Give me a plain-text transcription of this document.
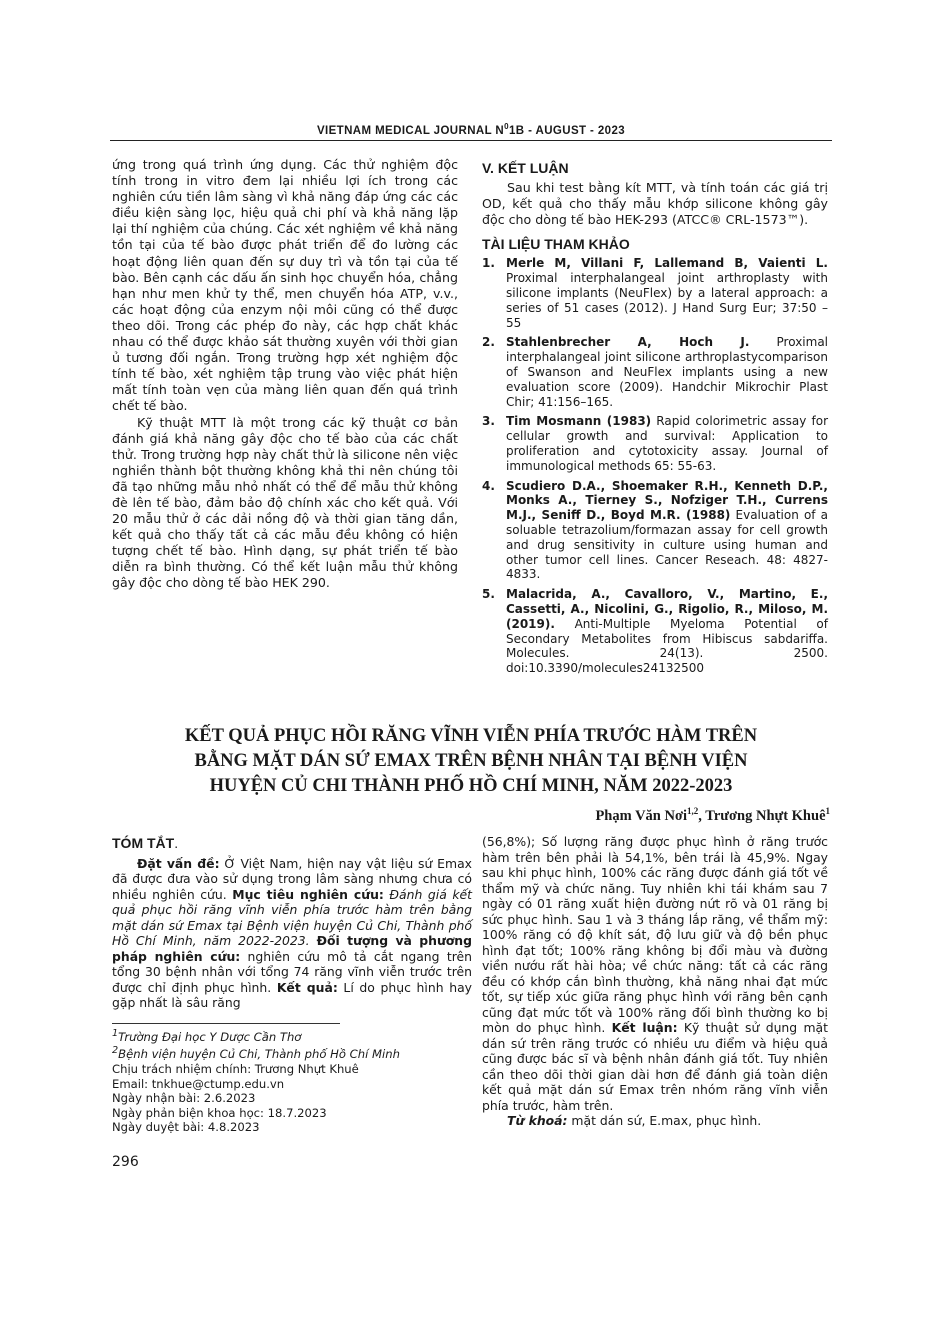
VIETNAM MEDICAL JOURNAL $N^01B$ - AUGUST - 2023

ứng trong quá trình ứng dụng. Các thử nghiệm độc tính trong in vitro đem lại nhiều lợi ích trong các nghiên cứu tiền lâm sàng vì khả năng đáp ứng các các điều kiện sàng lọc, hiệu quả chi phí và khả năng lặp lại thí nghiệm của chúng. Các xét nghiệm về khả năng tồn tại của tế bào được phát triển để đo lường các hoạt động liên quan đến sự duy trì và tồn tại của tế bào. Bên cạnh các dấu ấn sinh học chuyển hóa, chẳng hạn như men khử ty thể, men chuyển hóa ATP, v.v., các hoạt động của enzym nội môi cũng có thể được theo dõi. Trong các phép đo này, các hợp chất khác nhau có thể được khảo sát thường xuyên với thời gian ủ tương đối ngắn. Trong trường hợp xét nghiệm độc tính tế bào, xét nghiệm tập trung vào việc phát hiện mất tính toàn vẹn của màng liên quan đến quá trình chết tế bào.

Kỹ thuật MTT là một trong các kỹ thuật cơ bản đánh giá khả năng gây độc cho tế bào của các chất thử. Trong trường hợp này chất thử là silicone nên việc nghiền thành bột thường không khả thi nên chúng tôi đã tạo những mẫu nhỏ nhất có thể để mẫu thử không đè lên tế bào, đảm bảo độ chính xác cho kết quả. Với 20 mẫu thử ở các dải nồng độ và thời gian tăng dần, kết quả cho thấy tất cả các mẫu đều không có hiện tượng chết tế bào. Hình dạng, sự phát triển tế bào diễn ra bình thường. Có thể kết luận mẫu thử không gây độc cho dòng tế bào HEK 290.

V. KẾT LUẬN

Sau khi test bằng kít MTT, và tính toán các giá trị OD, kết quả cho thấy mẫu khớp silicone không gây độc cho dòng tế bào HEK-293 (ATCC® CRL-1573™).

TÀI LIỆU THAM KHẢO
1. Merle M, Villani F, Lallemand B, Vaienti L. Proximal interphalangeal joint arthroplasty with silicone implants (NeuFlex) by a lateral approach: a series of 51 cases (2012). J Hand Surg Eur; 37:50 – 55
2. Stahlenbrecher A, Hoch J. Proximal interphalangeal joint silicone arthroplastycomparison of Swanson and NeuFlex implants using a new evaluation score (2009). Handchir Mikrochir Plast Chir; 41:156–165.
3. Tim Mosmann (1983) Rapid colorimetric assay for cellular growth and survival: Application to proliferation and cytotoxicity assay. Journal of immunological methods 65: 55-63.
4. Scudiero D.A., Shoemaker R.H., Kenneth D.P., Monks A., Tierney S., Nofziger T.H., Currens M.J., Seniff D., Boyd M.R. (1988) Evaluation of a soluable tetrazolium/formazan assay for cell growth and drug sensitivity in culture using human and other tumor cell lines. Cancer Reseach. 48: 4827-4833.
5. Malacrida, A., Cavalloro, V., Martino, E., Cassetti, A., Nicolini, G., Rigolio, R., Miloso, M. (2019). Anti-Multiple Myeloma Potential of Secondary Metabolites from Hibiscus sabdariffa. Molecules. 24(13). 2500. doi:10.3390/molecules24132500
KẾT QUẢ PHỤC HỒI RĂNG VĨNH VIỄN PHÍA TRƯỚC HÀM TRÊN
BẰNG MẶT DÁN SỨ EMAX TRÊN BỆNH NHÂN TẠI BỆNH VIỆN
HUYỆN CỦ CHI THÀNH PHỐ HỒ CHÍ MINH, NĂM 2022-2023
Phạm Văn Nơi$^{1,2}$, Trương Nhựt Khuê$^1$
TÓM TẮT.

Đặt vấn đề: Ở Việt Nam, hiện nay vật liệu sứ Emax đã được đưa vào sử dụng trong lâm sàng nhưng chưa có nhiều nghiên cứu. Mục tiêu nghiên cứu: Đánh giá kết quả phục hồi răng vĩnh viễn phía trước hàm trên bằng mặt dán sứ Emax tại Bệnh viện huyện Củ Chi, Thành phố Hồ Chí Minh, năm 2022-2023. Đối tượng và phương pháp nghiên cứu: nghiên cứu mô tả cắt ngang trên tổng 30 bệnh nhân với tổng 74 răng vĩnh viễn trước trên được chỉ định phục hình. Kết quả: Lí do phục hình hay gặp nhất là sâu răng

(56,8%); Số lượng răng được phục hình ở răng trước hàm trên bên phải là 54,1%, bên trái là 45,9%. Ngay sau khi phục hình, 100% các răng được đánh giá tốt về thẩm mỹ và chức năng. Tuy nhiên khi tái khám sau 7 ngày có 01 răng xuất hiện đường nứt rõ và 01 răng bị sức phục hình. Sau 1 và 3 tháng lắp răng, về thẩm mỹ: 100% răng có độ khít sát, độ lưu giữ và độ bền phục hình đạt tốt; 100% răng không bị đổi màu và đường viền nướu rất hài hòa; về chức năng: tất cả các răng đều có khớp cắn bình thường, khả năng nhai đạt mức tốt, sự tiếp xúc giữa răng phục hình với răng bên cạnh cũng đạt mức tốt và 100% răng đối bình thường ko bị mòn do phục hình. Kết luận: Kỹ thuật sử dụng mặt dán sứ trên răng trước có nhiều ưu điểm và hiệu quả cũng được bác sĩ và bệnh nhân đánh giá tốt. Tuy nhiên cần theo dõi thời gian dài hơn để đánh giá toàn diện kết quả mặt dán sứ Emax trên nhóm răng vĩnh viễn phía trước, hàm trên.

Từ khoá: mặt dán sứ, E.max, phục hình.

$^1$Trường Đại học Y Dược Cần Thơ
$^2$Bệnh viện huyện Củ Chi, Thành phố Hồ Chí Minh
Chịu trách nhiệm chính: Trương Nhựt Khuê
Email: tnkhue@ctump.edu.vn
Ngày nhận bài: 2.6.2023
Ngày phản biện khoa học: 18.7.2023
Ngày duyệt bài: 4.8.2023
296
